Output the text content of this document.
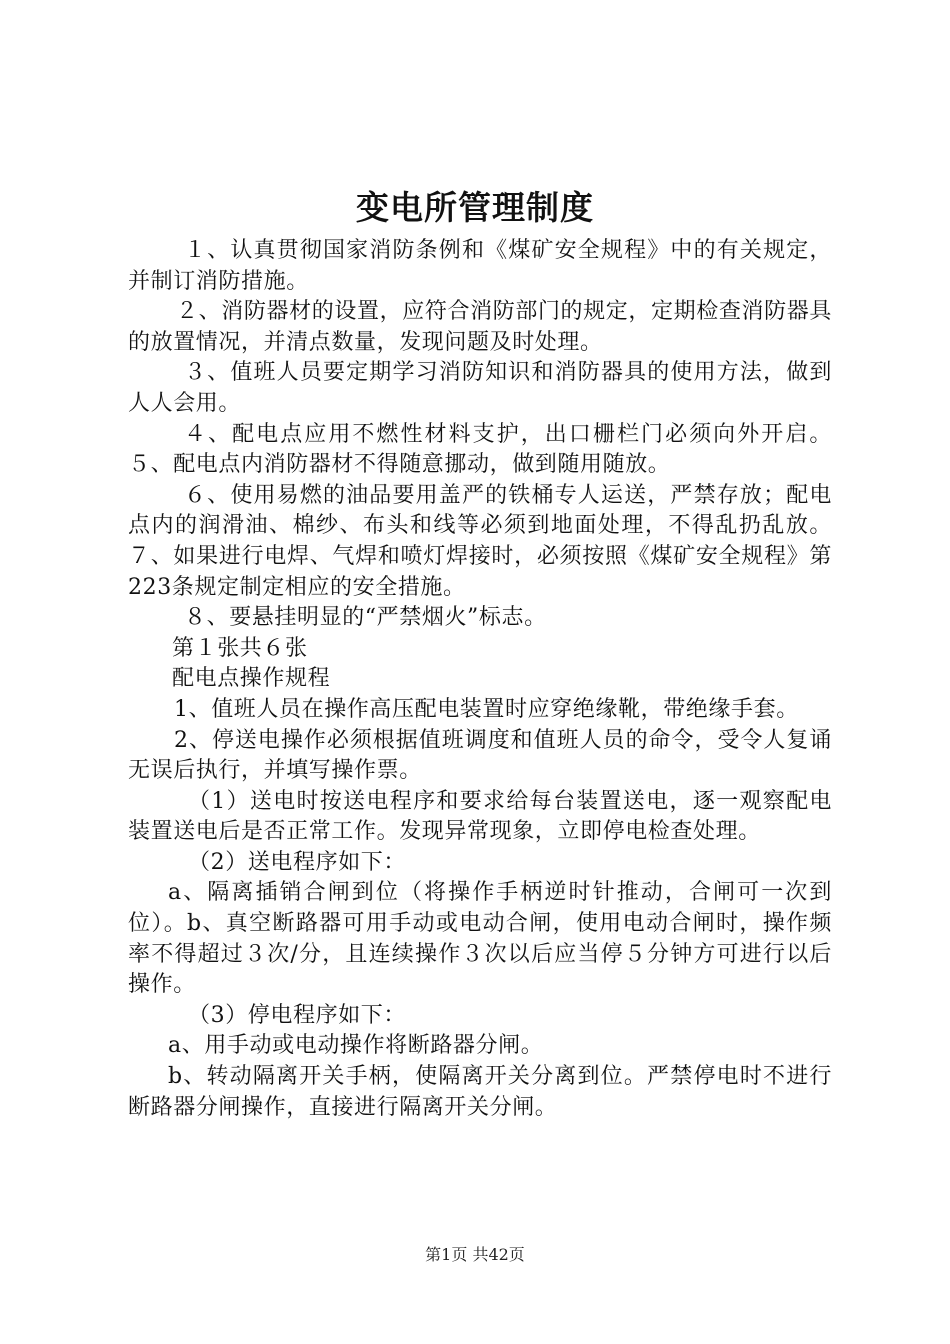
变电所管理制度

１、认真贯彻国家消防条例和《煤矿安全规程》中的有关规定，并制订消防措施。

２、消防器材的设置，应符合消防部门的规定，定期检查消防器具的放置情况，并清点数量，发现问题及时处理。

３、值班人员要定期学习消防知识和消防器具的使用方法，做到人人会用。

４、配电点应用不燃性材料支护，出口栅栏门必须向外开启。５、配电点内消防器材不得随意挪动，做到随用随放。

６、使用易燃的油品要用盖严的铁桶专人运送，严禁存放；配电点内的润滑油、棉纱、布头和线等必须到地面处理，不得乱扔乱放。７、如果进行电焊、气焊和喷灯焊接时，必须按照《煤矿安全规程》第223条规定制定相应的安全措施。

８、要悬挂明显的“严禁烟火”标志。

第１张共６张

配电点操作规程

1、值班人员在操作高压配电装置时应穿绝缘靴，带绝缘手套。

2、停送电操作必须根据值班调度和值班人员的命令，受令人复诵无误后执行，并填写操作票。

（1）送电时按送电程序和要求给每台装置送电，逐一观察配电装置送电后是否正常工作。发现异常现象，立即停电检查处理。

（2）送电程序如下：

a、隔离插销合闸到位（将操作手柄逆时针推动，合闸可一次到位）。b、真空断路器可用手动或电动合闸，使用电动合闸时，操作频率不得超过３次/分，且连续操作３次以后应当停５分钟方可进行以后操作。

（3）停电程序如下：

a、用手动或电动操作将断路器分闸。

b、转动隔离开关手柄，使隔离开关分离到位。严禁停电时不进行断路器分闸操作，直接进行隔离开关分闸。

第1页 共42页
